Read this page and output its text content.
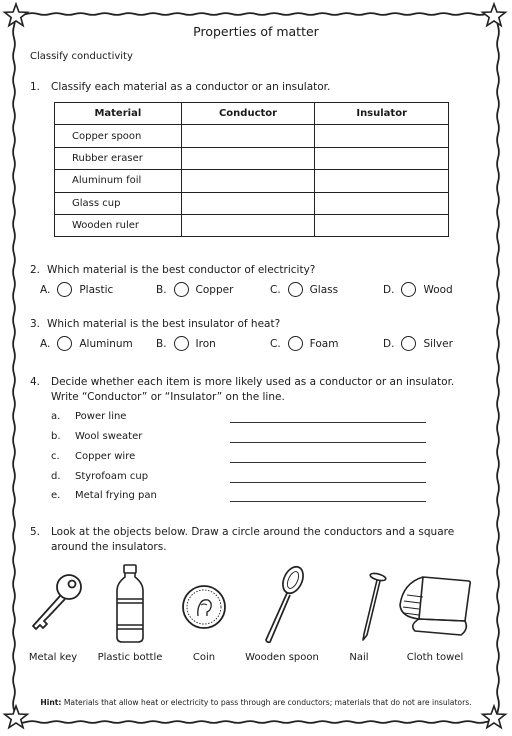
Properties of matter
Classify conductivity
1. Classify each material as a conductor or an insulator.
Material	Conductor	Insulator
Copper spoon		
Rubber eraser		
Aluminum foil		
Glass cup		
Wooden ruler		
2. Which material is the best conductor of electricity?
A.	Plastic	B.	Copper	C.	Glass	D.	Wood
3. Which material is the best insulator of heat?
A.	Aluminum B.	Iron	C.	Foam	D.	Silver
4. Decide whether each item is more likely used as a conductor or an insulator.
Write “Conductor” or “Insulator” on the line.
a. Power line
b. Wool sweater
c. Copper wire
d. Styrofoam cup
e. Metal frying pan
5. Look at the objects below. Draw a circle around the conductors and a square
around the insulators.
Metal key	Plastic bottle	Coin	Wooden spoon	Nail	Cloth towel
Hint: Materials that allow heat or electricity to pass through are conductors; materials that do not are insulators.
